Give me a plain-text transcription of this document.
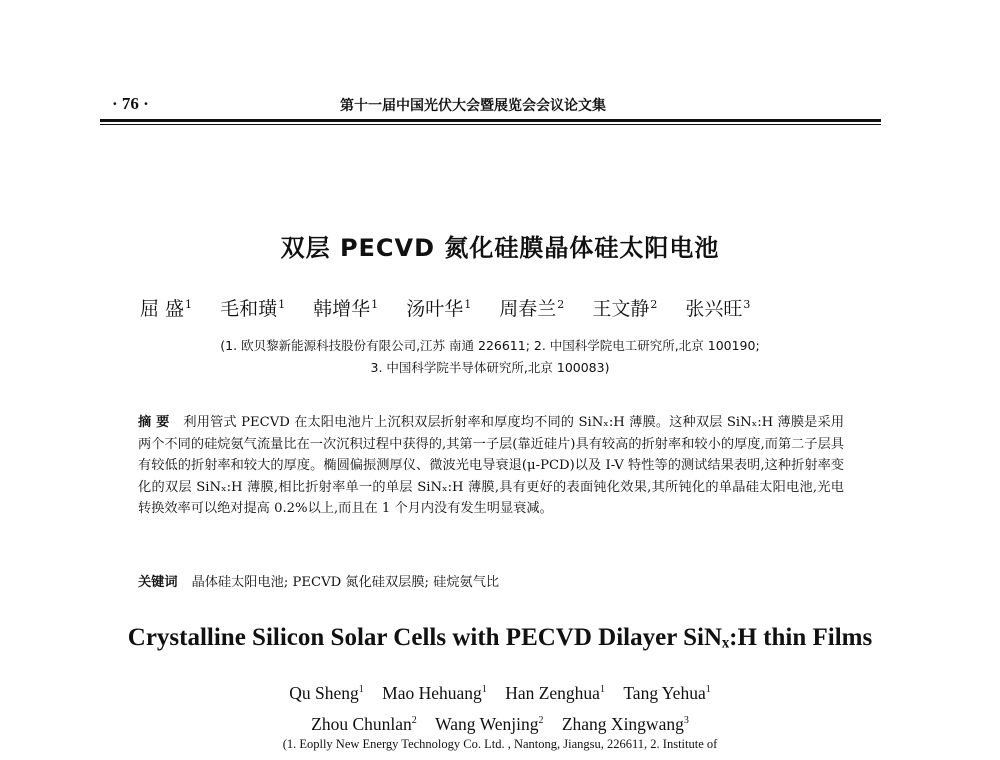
· 76 ·	第十一届中国光伏大会暨展览会会议论文集
双层 PECVD 氮化硅膜晶体硅太阳电池
屈 盛$^1$ 毛和璜$^1$ 韩增华$^1$ 汤叶华$^1$ 周春兰$^2$ 王文静$^2$ 张兴旺$^3$
(1. 欧贝黎新能源科技股份有限公司,江苏 南通 226611; 2. 中国科学院电工研究所,北京 100190;
3. 中国科学院半导体研究所,北京 100083)
摘 要 利用管式 PECVD 在太阳电池片上沉积双层折射率和厚度均不同的 SiNₓ:H 薄膜。这种双层 SiNₓ:H 薄膜是采用两个不同的硅烷氨气流量比在一次沉积过程中获得的,其第一子层(靠近硅片)具有较高的折射率和较小的厚度,而第二子层具有较低的折射率和较大的厚度。椭圆偏振测厚仪、微波光电导衰退(μ-PCD)以及 I-V 特性等的测试结果表明,这种折射率变化的双层 SiNₓ:H 薄膜,相比折射率单一的单层 SiNₓ:H 薄膜,具有更好的表面钝化效果,其所钝化的单晶硅太阳电池,光电转换效率可以绝对提高 0.2%以上,而且在 1 个月内没有发生明显衰减。
关键词 晶体硅太阳电池; PECVD 氮化硅双层膜; 硅烷氨气比
Crystalline Silicon Solar Cells with PECVD Dilayer SiNₓ:H thin Films
Qu Sheng$^1$ Mao Hehuang$^1$ Han Zenghua$^1$ Tang Yehua$^1$
Zhou Chunlan$^2$ Wang Wenjing$^2$ Zhang Xingwang$^3$
(1. Eoplly New Energy Technology Co. Ltd. , Nantong, Jiangsu, 226611, 2. Institute of
